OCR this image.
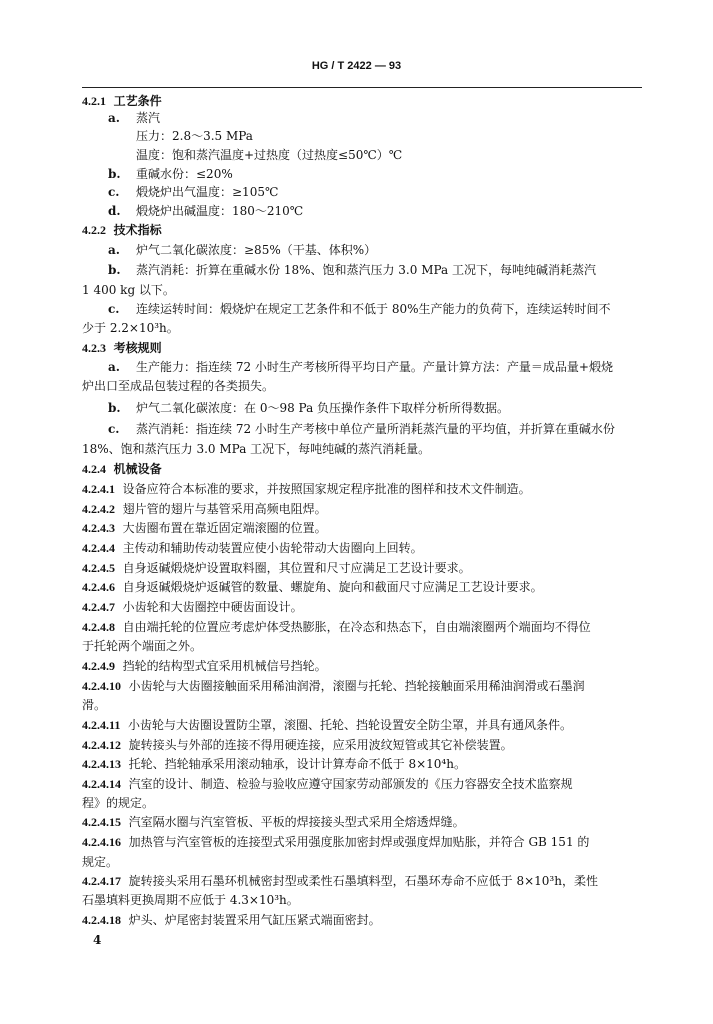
HG / T 2422 — 93
4.2.1 工艺条件
a. 蒸汽
压力：2.8～3.5 MPa
温度：饱和蒸汽温度+过热度（过热度≤50℃）℃
b. 重碱水份：≤20%
c. 煅烧炉出气温度：≥105℃
d. 煅烧炉出碱温度：180～210℃
4.2.2 技术指标
a. 炉气二氧化碳浓度：≥85%（干基、体积%）
b. 蒸汽消耗：折算在重碱水份 18%、饱和蒸汽压力 3.0 MPa 工况下，每吨纯碱消耗蒸汽
1 400 kg 以下。
c. 连续运转时间：煅烧炉在规定工艺条件和不低于 80%生产能力的负荷下，连续运转时间不
少于 2.2×10³h。
4.2.3 考核规则
a. 生产能力：指连续 72 小时生产考核所得平均日产量。产量计算方法：产量＝成品量+煅烧
炉出口至成品包装过程的各类损失。
b. 炉气二氧化碳浓度：在 0～98 Pa 负压操作条件下取样分析所得数据。
c. 蒸汽消耗：指连续 72 小时生产考核中单位产量所消耗蒸汽量的平均值，并折算在重碱水份
18%、饱和蒸汽压力 3.0 MPa 工况下，每吨纯碱的蒸汽消耗量。
4.2.4 机械设备
4.2.4.1 设备应符合本标准的要求，并按照国家规定程序批准的图样和技术文件制造。
4.2.4.2 翅片管的翅片与基管采用高频电阻焊。
4.2.4.3 大齿圈布置在靠近固定端滚圈的位置。
4.2.4.4 主传动和辅助传动装置应使小齿轮带动大齿圈向上回转。
4.2.4.5 自身返碱煅烧炉设置取料圈，其位置和尺寸应满足工艺设计要求。
4.2.4.6 自身返碱煅烧炉返碱管的数量、螺旋角、旋向和截面尺寸应满足工艺设计要求。
4.2.4.7 小齿轮和大齿圈控中硬齿面设计。
4.2.4.8 自由端托轮的位置应考虑炉体受热膨胀，在冷态和热态下，自由端滚圈两个端面均不得位
于托轮两个端面之外。
4.2.4.9 挡轮的结构型式宜采用机械信号挡轮。
4.2.4.10 小齿轮与大齿圈接触面采用稀油润滑，滚圈与托轮、挡轮接触面采用稀油润滑或石墨润
滑。
4.2.4.11 小齿轮与大齿圈设置防尘罩，滚圈、托轮、挡轮设置安全防尘罩，并具有通风条件。
4.2.4.12 旋转接头与外部的连接不得用硬连接，应采用波纹短管或其它补偿装置。
4.2.4.13 托轮、挡轮轴承采用滚动轴承，设计计算寿命不低于 8×10⁴h。
4.2.4.14 汽室的设计、制造、检验与验收应遵守国家劳动部颁发的《压力容器安全技术监察规
程》的规定。
4.2.4.15 汽室隔水圈与汽室管板、平板的焊接接头型式采用全熔透焊缝。
4.2.4.16 加热管与汽室管板的连接型式采用强度胀加密封焊或强度焊加贴胀，并符合 GB 151 的
规定。
4.2.4.17 旋转接头采用石墨环机械密封型或柔性石墨填料型，石墨环寿命不应低于 8×10³h，柔性
石墨填料更换周期不应低于 4.3×10³h。
4.2.4.18 炉头、炉尾密封装置采用气缸压紧式端面密封。
4
